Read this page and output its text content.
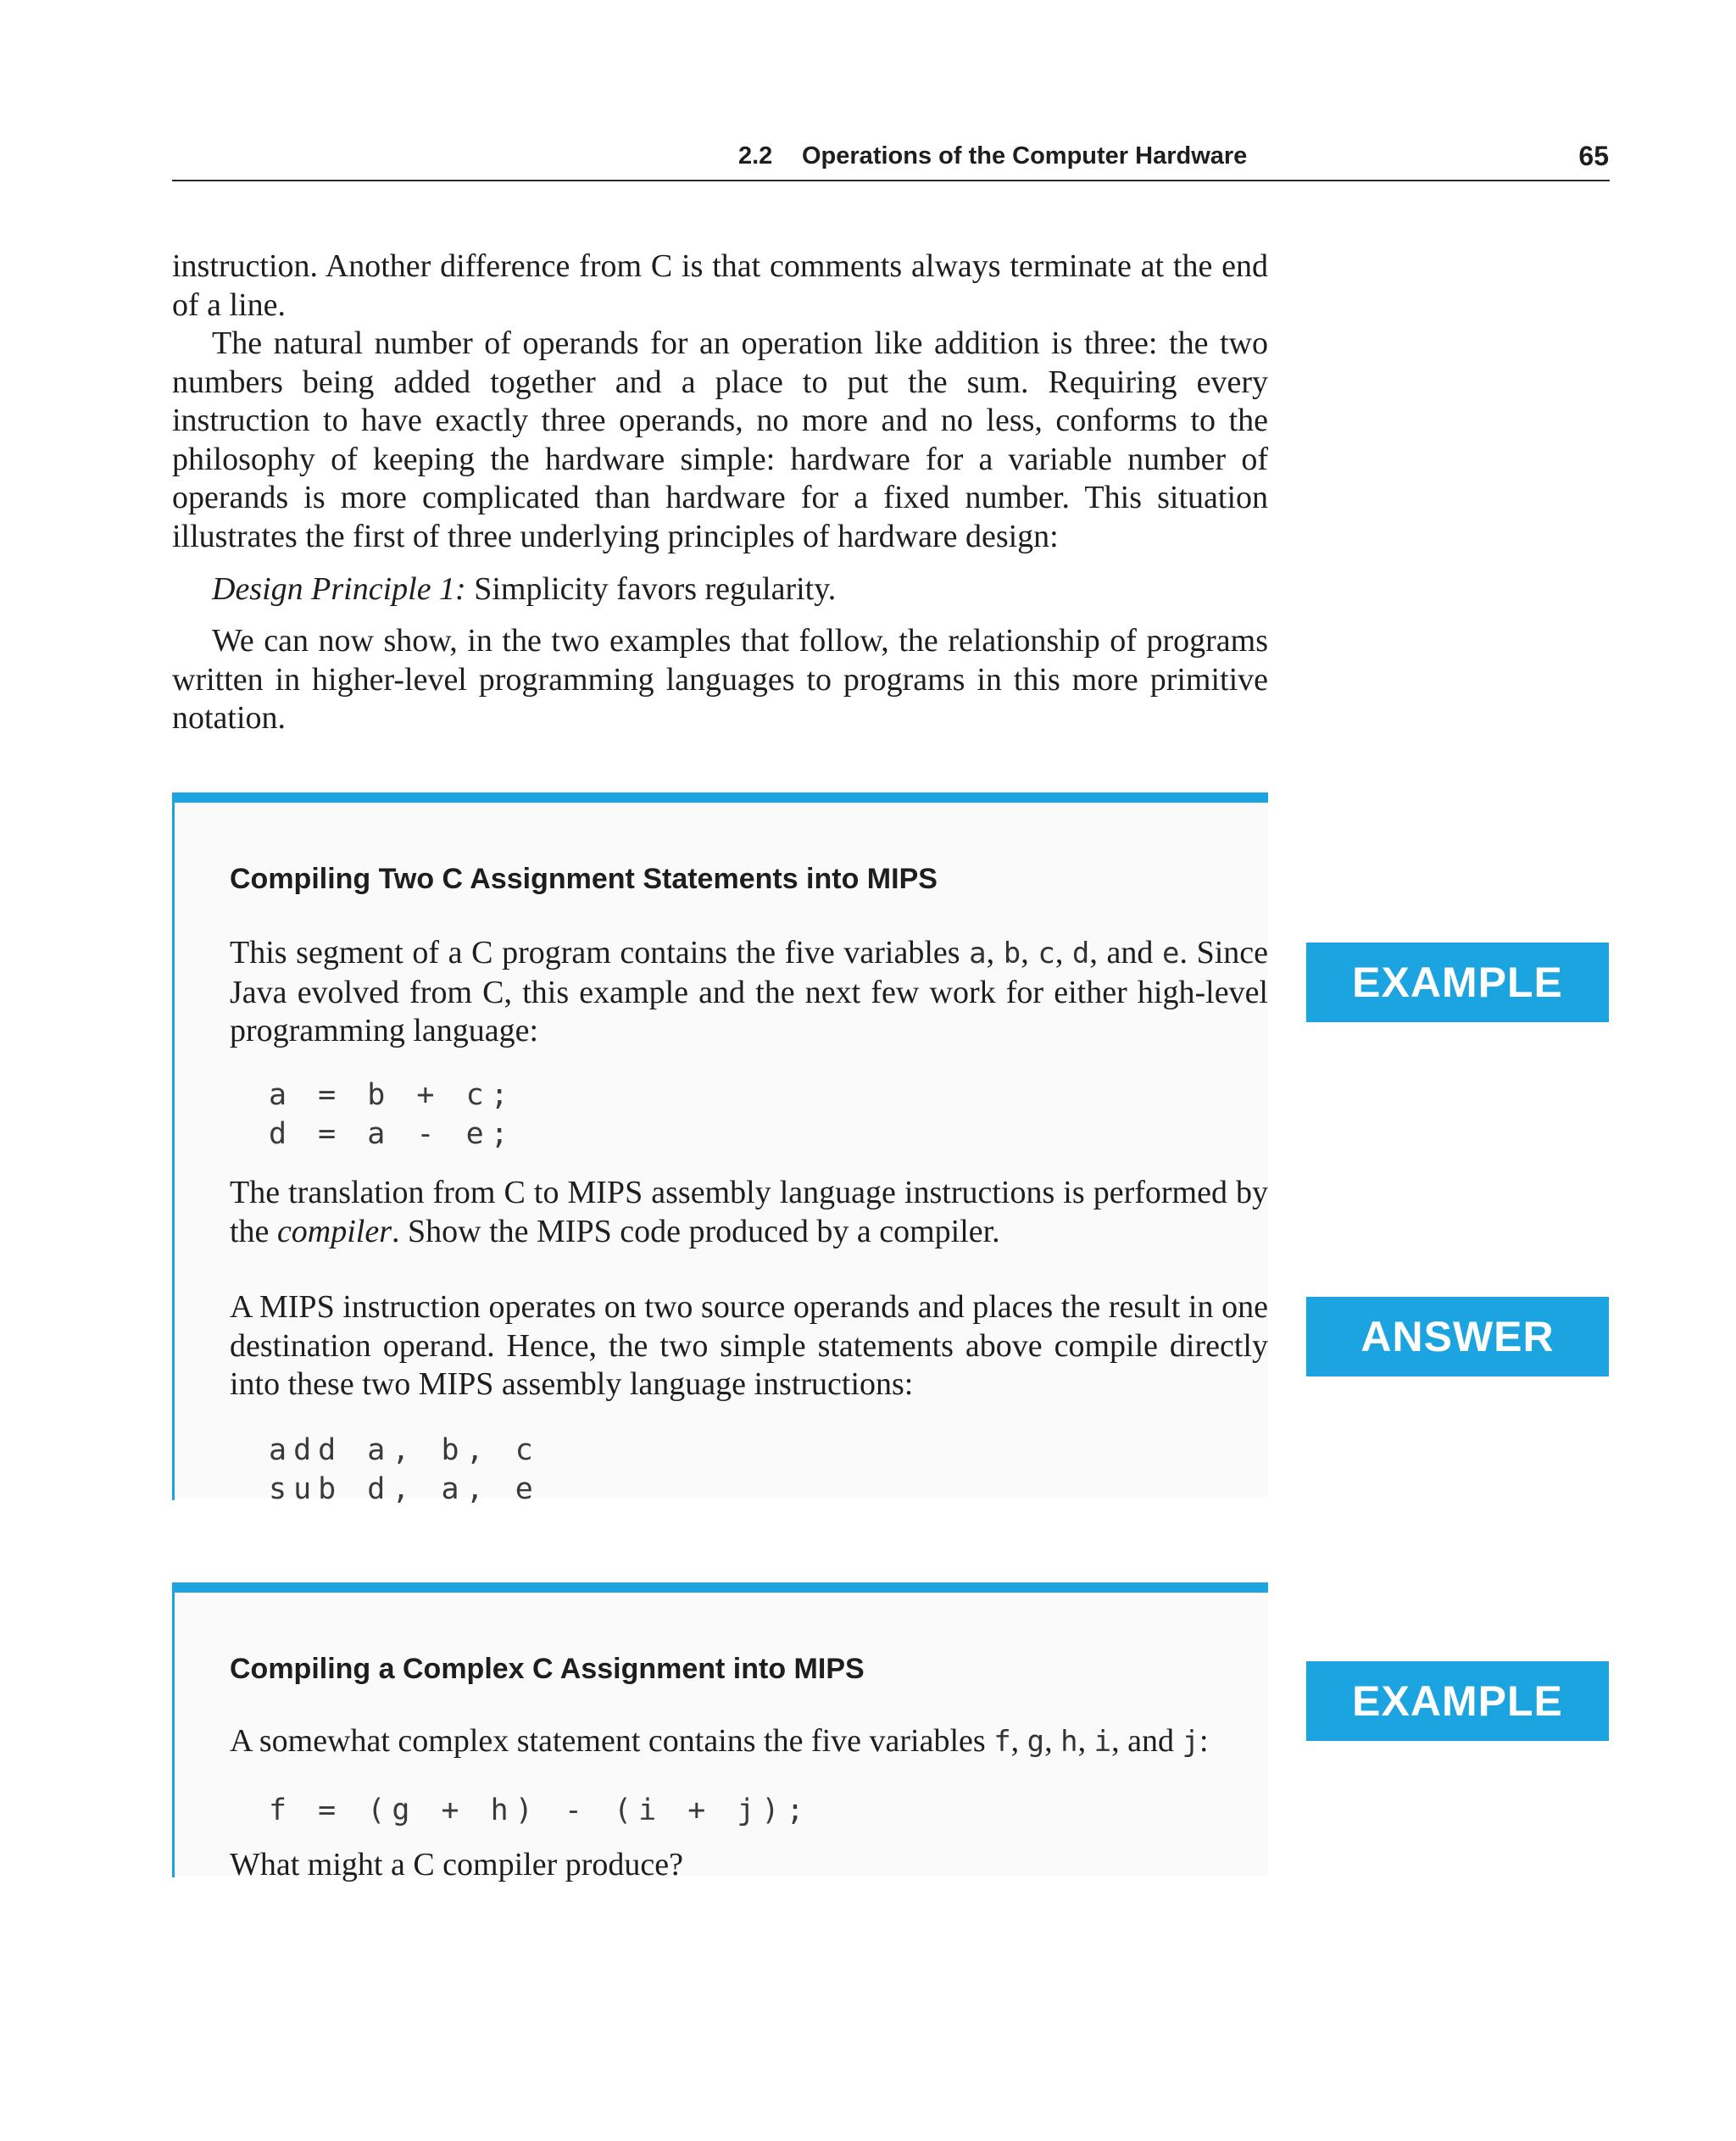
2.2 Operations of the Computer Hardware	65

instruction. Another difference from C is that comments always terminate at the end of a line.

The natural number of operands for an operation like addition is three: the two numbers being added together and a place to put the sum. Requiring every instruction to have exactly three operands, no more and no less, conforms to the philosophy of keeping the hardware simple: hardware for a variable number of operands is more complicated than hardware for a fixed number. This situation illustrates the first of three underlying principles of hardware design:

Design Principle 1: Simplicity favors regularity.

We can now show, in the two examples that follow, the relationship of programs written in higher-level programming languages to programs in this more primitive notation.

Compiling Two C Assignment Statements into MIPS

This segment of a C program contains the five variables a, b, c, d, and e. Since Java evolved from C, this example and the next few work for either high-level programming language:

EXAMPLE
a = b + c;
d = a - e;

The translation from C to MIPS assembly language instructions is performed by the compiler. Show the MIPS code produced by a compiler.

ANSWER

A MIPS instruction operates on two source operands and places the result in one destination operand. Hence, the two simple statements above compile directly into these two MIPS assembly language instructions:

add a, b, c
sub d, a, e
Compiling a Complex C Assignment into MIPS
EXAMPLE

A somewhat complex statement contains the five variables f, g, h, i, and j:

f = (g + h) - (i + j);

What might a C compiler produce?
